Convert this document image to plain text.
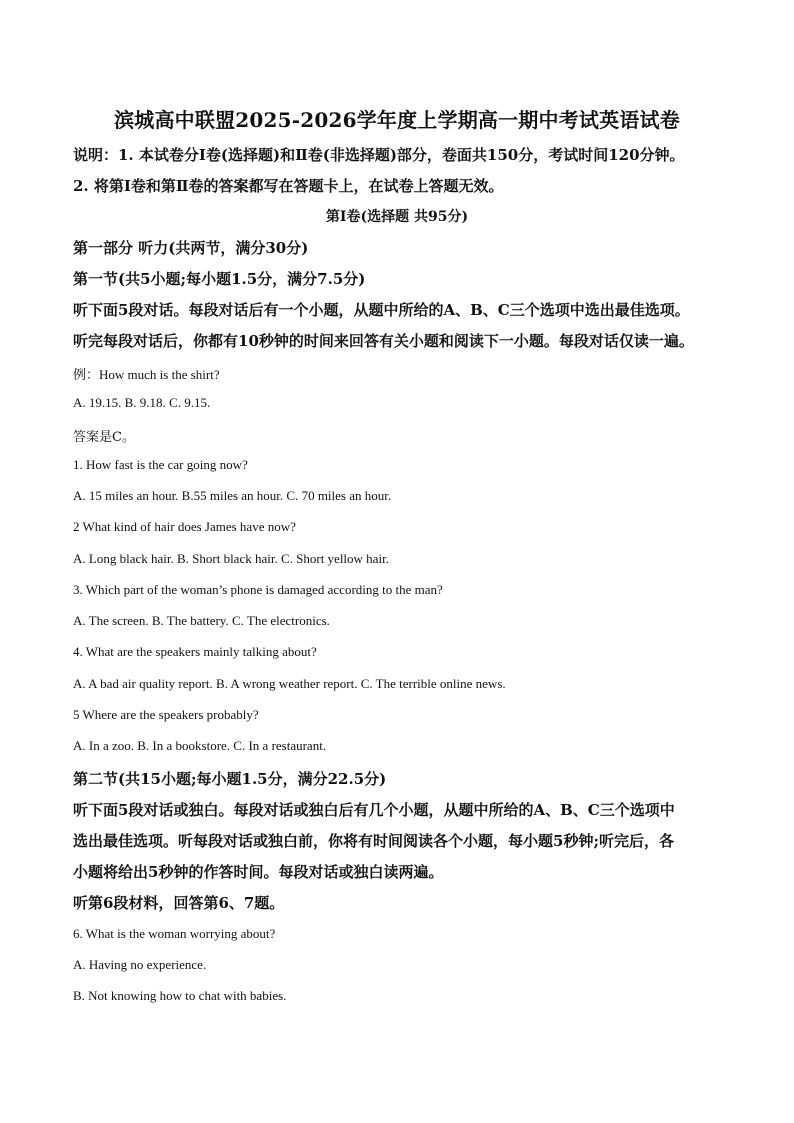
滨城高中联盟2025-2026学年度上学期高一期中考试英语试卷
说明：1. 本试卷分Ⅰ卷(选择题)和Ⅱ卷(非选择题)部分，卷面共150分，考试时间120分钟。
2. 将第Ⅰ卷和第Ⅱ卷的答案都写在答题卡上，在试卷上答题无效。
第Ⅰ卷(选择题 共95分)
第一部分 听力(共两节，满分30分)
第一节(共5小题;每小题1.5分，满分7.5分)
听下面5段对话。每段对话后有一个小题，从题中所给的A、B、C三个选项中选出最佳选项。
听完每段对话后，你都有10秒钟的时间来回答有关小题和阅读下一小题。每段对话仅读一遍。
例：How much is the shirt?
A. 19.15. B. 9.18. C. 9.15.
答案是C。
1. How fast is the car going now?
A. 15 miles an hour. B.55 miles an hour. C. 70 miles an hour.
2 What kind of hair does James have now?
A. Long black hair. B. Short black hair. C. Short yellow hair.
3. Which part of the woman’s phone is damaged according to the man?
A. The screen. B. The battery. C. The electronics.
4. What are the speakers mainly talking about?
A. A bad air quality report. B. A wrong weather report. C. The terrible online news.
5 Where are the speakers probably?
A. In a zoo. B. In a bookstore. C. In a restaurant.
第二节(共15小题;每小题1.5分，满分22.5分)
听下面5段对话或独白。每段对话或独白后有几个小题，从题中所给的A、B、C三个选项中
选出最佳选项。听每段对话或独白前，你将有时间阅读各个小题，每小题5秒钟;听完后，各
小题将给出5秒钟的作答时间。每段对话或独白读两遍。
听第6段材料，回答第6、7题。
6. What is the woman worrying about?
A. Having no experience.
B. Not knowing how to chat with babies.
